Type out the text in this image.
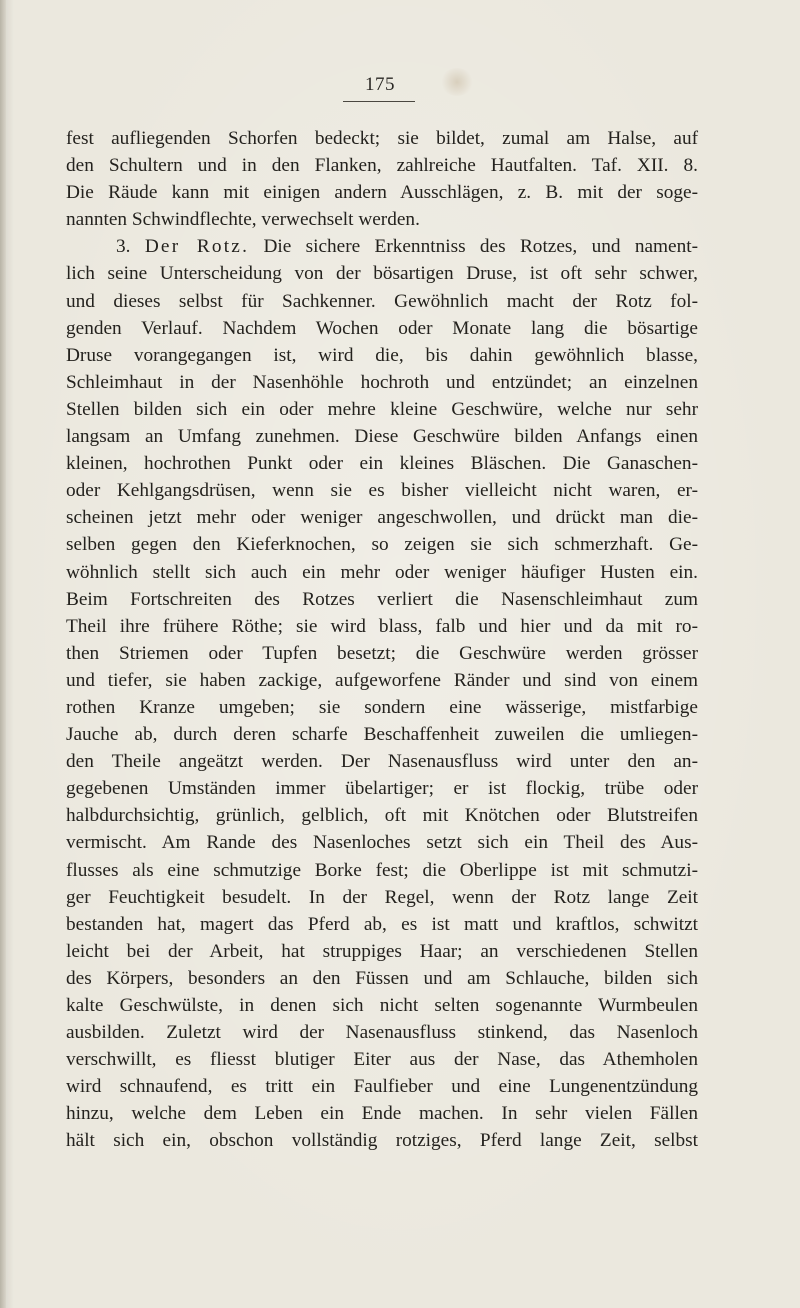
175
fest aufliegenden Schorfen bedeckt; sie bildet, zumal am Halse, auf
den Schultern und in den Flanken, zahlreiche Hautfalten. Taf. XII. 8.
Die Räude kann mit einigen andern Ausschlägen, z. B. mit der soge-
nannten Schwindflechte, verwechselt werden.
3. Der Rotz. Die sichere Erkenntniss des Rotzes, und nament-
lich seine Unterscheidung von der bösartigen Druse, ist oft sehr schwer,
und dieses selbst für Sachkenner. Gewöhnlich macht der Rotz fol-
genden Verlauf. Nachdem Wochen oder Monate lang die bösartige
Druse vorangegangen ist, wird die, bis dahin gewöhnlich blasse,
Schleimhaut in der Nasenhöhle hochroth und entzündet; an einzelnen
Stellen bilden sich ein oder mehre kleine Geschwüre, welche nur sehr
langsam an Umfang zunehmen. Diese Geschwüre bilden Anfangs einen
kleinen, hochrothen Punkt oder ein kleines Bläschen. Die Ganaschen-
oder Kehlgangsdrüsen, wenn sie es bisher vielleicht nicht waren, er-
scheinen jetzt mehr oder weniger angeschwollen, und drückt man die-
selben gegen den Kieferknochen, so zeigen sie sich schmerzhaft. Ge-
wöhnlich stellt sich auch ein mehr oder weniger häufiger Husten ein.
Beim Fortschreiten des Rotzes verliert die Nasenschleimhaut zum
Theil ihre frühere Röthe; sie wird blass, falb und hier und da mit ro-
then Striemen oder Tupfen besetzt; die Geschwüre werden grösser
und tiefer, sie haben zackige, aufgeworfene Ränder und sind von einem
rothen Kranze umgeben; sie sondern eine wässerige, mistfarbige
Jauche ab, durch deren scharfe Beschaffenheit zuweilen die umliegen-
den Theile angeätzt werden. Der Nasenausfluss wird unter den an-
gegebenen Umständen immer übelartiger; er ist flockig, trübe oder
halbdurchsichtig, grünlich, gelblich, oft mit Knötchen oder Blutstreifen
vermischt. Am Rande des Nasenloches setzt sich ein Theil des Aus-
flusses als eine schmutzige Borke fest; die Oberlippe ist mit schmutzi-
ger Feuchtigkeit besudelt. In der Regel, wenn der Rotz lange Zeit
bestanden hat, magert das Pferd ab, es ist matt und kraftlos, schwitzt
leicht bei der Arbeit, hat struppiges Haar; an verschiedenen Stellen
des Körpers, besonders an den Füssen und am Schlauche, bilden sich
kalte Geschwülste, in denen sich nicht selten sogenannte Wurmbeulen
ausbilden. Zuletzt wird der Nasenausfluss stinkend, das Nasenloch
verschwillt, es fliesst blutiger Eiter aus der Nase, das Athemholen
wird schnaufend, es tritt ein Faulfieber und eine Lungenentzündung
hinzu, welche dem Leben ein Ende machen. In sehr vielen Fällen
hält sich ein, obschon vollständig rotziges, Pferd lange Zeit, selbst
